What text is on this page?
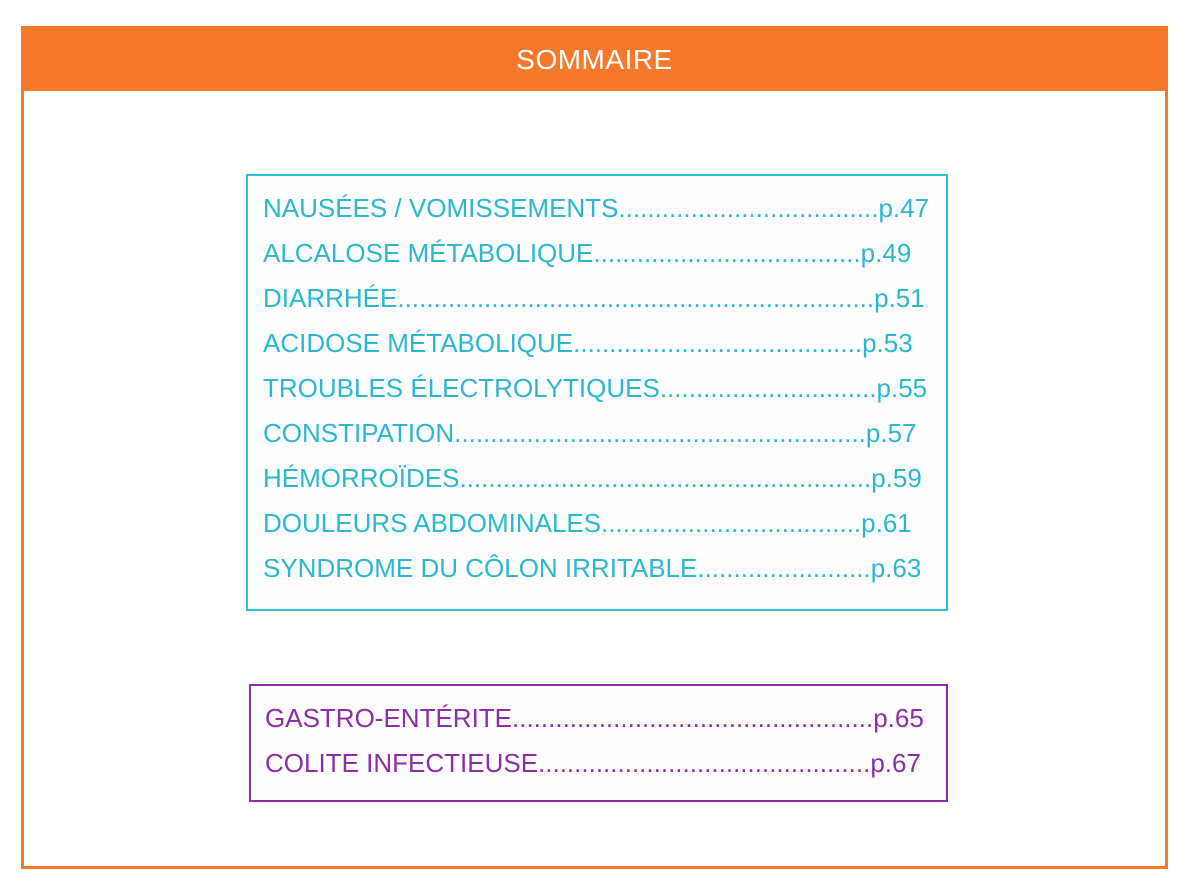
SOMMAIRE
NAUSÉES / VOMISSEMENTS....................................p.47
ALCALOSE MÉTABOLIQUE.....................................p.49
DIARRHÉE..................................................................p.51
ACIDOSE MÉTABOLIQUE........................................p.53
TROUBLES ÉLECTROLYTIQUES..............................p.55
CONSTIPATION.........................................................p.57
HÉMORROÏDES.........................................................p.59
DOULEURS ABDOMINALES....................................p.61
SYNDROME DU CÔLON IRRITABLE........................p.63
GASTRO-ENTÉRITE..................................................p.65
COLITE INFECTIEUSE..............................................p.67
